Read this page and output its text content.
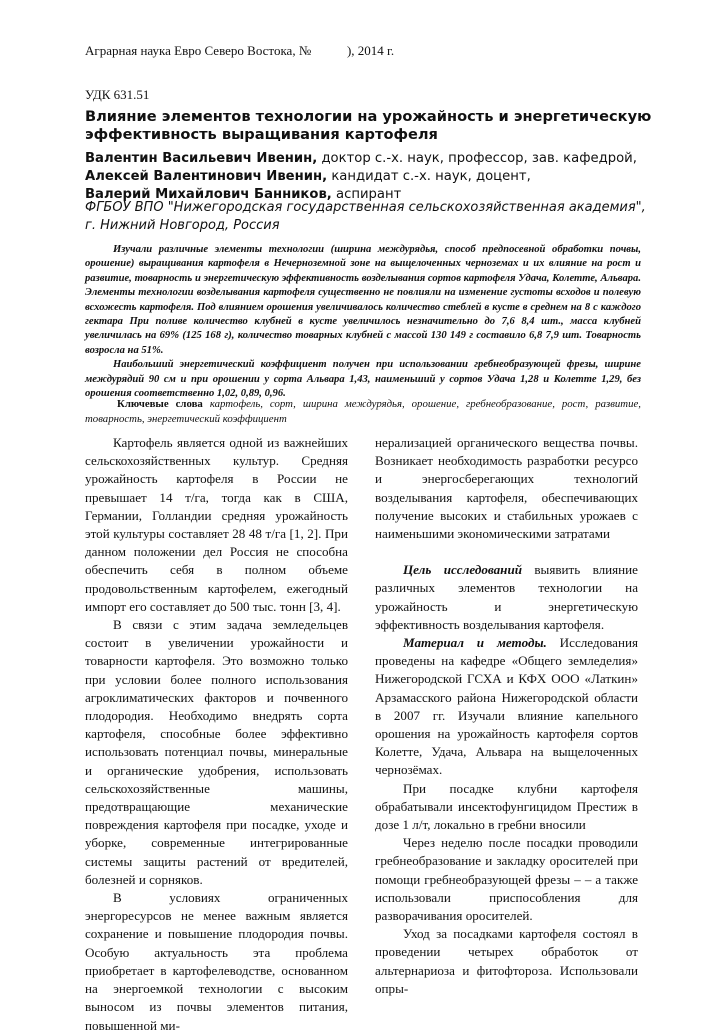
Аграрная наука Евро Северо Востока, №           ), 2014 г.
УДК 631.51
Влияние элементов технологии на урожайность и энергетическую эффективность выращивания картофеля
Валентин Васильевич Ивенин, доктор с.-х. наук, профессор, зав. кафедрой,
Алексей Валентинович Ивенин, кандидат с.-х. наук, доцент,
Валерий Михайлович Банников, аспирант
ФГБОУ ВПО "Нижегородская государственная сельскохозяйственная академия", г. Нижний Новгород, Россия

Изучали различные элементы технологии (ширина междурядья, способ предпосевной обработки почвы, орошение) выращивания картофеля в Нечерноземной зоне на выщелоченных черноземах и их влияние на рост и развитие, товарность и энергетическую эффективность возделывания сортов картофеля Удача, Колетте, Альвара. Элементы технологии возделывания картофеля существенно не повлияли на изменение густоты всходов и полевую всхожесть картофеля. Под влиянием орошения увеличивалось количество стеблей в кусте в среднем на 8 с каждого гектара При поливе количество клубней в кусте увеличилось незначительно до 7,6 8,4 шт., масса клубней увеличилась на 69% (125 168 г), количество товарных клубней с массой 130 149 г составило 6,8 7,9 шт. Товарность возросла на 51%.

Наибольший энергетический коэффициент получен при использовании гребнеобразующей фрезы, ширине междурядий 90 см и при орошении у сорта Альвара 1,43, наименьший у сортов Удача 1,28 и Колетте 1,29, без орошения соответственно 1,02, 0,89, 0,96.

Ключевые слова картофель, сорт, ширина междурядья, орошение, гребнеобразование, рост, развитие, товарность, энергетический коэффициент

Картофель является одной из важнейших сельскохозяйственных культур. Средняя урожайность картофеля в России не превышает 14 т/га, тогда как в США, Германии, Голландии средняя урожайность этой культуры составляет 28 48 т/га [1, 2]. При данном положении дел Россия не способна обеспечить себя в полном объеме продовольственным картофелем, ежегодный импорт его составляет до 500 тыс. тонн [3, 4].

В связи с этим задача земледельцев состоит в увеличении урожайности и товарности картофеля. Это возможно только при условии более полного использования агроклиматических факторов и почвенного плодородия. Необходимо внедрять сорта картофеля, способные более эффективно использовать потенциал почвы, минеральные и органические удобрения, использовать сельскохозяйственные машины, предотвращающие механические повреждения картофеля при посадке, уходе и уборке, современные интегрированные системы защиты растений от вредителей, болезней и сорняков.

В условиях ограниченных энергоресурсов не менее важным является сохранение и повышение плодородия почвы. Особую актуальность эта проблема приобретает в картофелеводстве, основанном на энергоемкой технологии с высоким выносом из почвы элементов питания, повышенной ми-

нерализацией органического вещества почвы. Возникает необходимость разработки ресурсо и энергосберегающих технологий возделывания картофеля, обеспечивающих получение высоких и стабильных урожаев с наименьшими экономическими затратами

Цель исследований выявить влияние различных элементов технологии на урожайность и энергетическую эффективность возделывания картофеля.

Материал и методы. Исследования проведены на кафедре «Общего земледелия» Нижегородской ГСХА и КФХ ООО «Латкин» Арзамасского района Нижегородской области в 2007 гг. Изучали влияние капельного орошения на урожайность картофеля сортов Колетте, Удача, Альвара на выщелоченных чернозёмах.

При посадке клубни картофеля обрабатывали инсектофунгицидом Престиж в дозе 1 л/т, локально в гребни вносили

Через неделю после посадки проводили гребнеобразование и закладку оросителей при помощи гребнеобразующей фрезы – – а также использовали приспособления для разворачивания оросителей.

Уход за посадками картофеля состоял в проведении четырех обработок от альтернариоза и фитофтороза. Использовали опры-
